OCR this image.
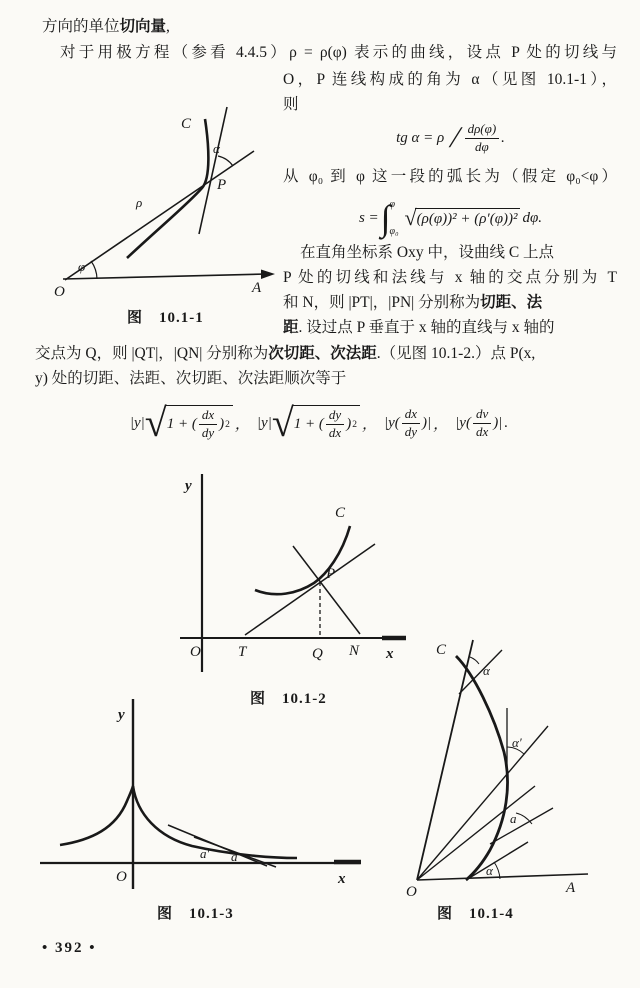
方向的单位切向量,
对于用极方程（参看 4.4.5）ρ = ρ(φ) 表示的曲线，设点 P 处的切线与
O，P 连线构成的角为 α（见图 10.1-1），
则
tg $\alpha = \rho / \frac{d\rho(\varphi)}{d\varphi}$ .
从 φ₀ 到 φ 这一段的弧长为（假定 φ₀<φ）
s = ∫ φ
φ₀
√ (ρ(φ))² + (ρ′(φ))² dφ.
在直角坐标系 Oxy 中，设曲线 C 上点
P 处的切线和法线与 x 轴的交点分别为 T
和 N，则 |PT|，|PN| 分别称为切距、法
距. 设过点 P 垂直于 x 轴的直线与 x 轴的
交点为 Q，则 |QT|，|QN| 分别称为次切距、次法距.（见图 10.1-2.）点 P(x,
y) 处的切距、法距、次切距、次法距顺次等于
|y| √ 1 + ( $\frac{dx}{dy}$ ) 2 ， |y| √ 1 + ( $\frac{dy}{dx}$ ) 2 ， $|y( \frac{dx}{dy}$ )| ， $|y( \frac{dv}{dx}$ )| .
C
α
P
ρ
φ
O	A
图　10.1-1
y
C
P
O T	Q N x
图　10.1-2
y
a′ a
O	x
图　10.1-3
C
α
α′
a
α
O	A
图　10.1-4
• 392 •
